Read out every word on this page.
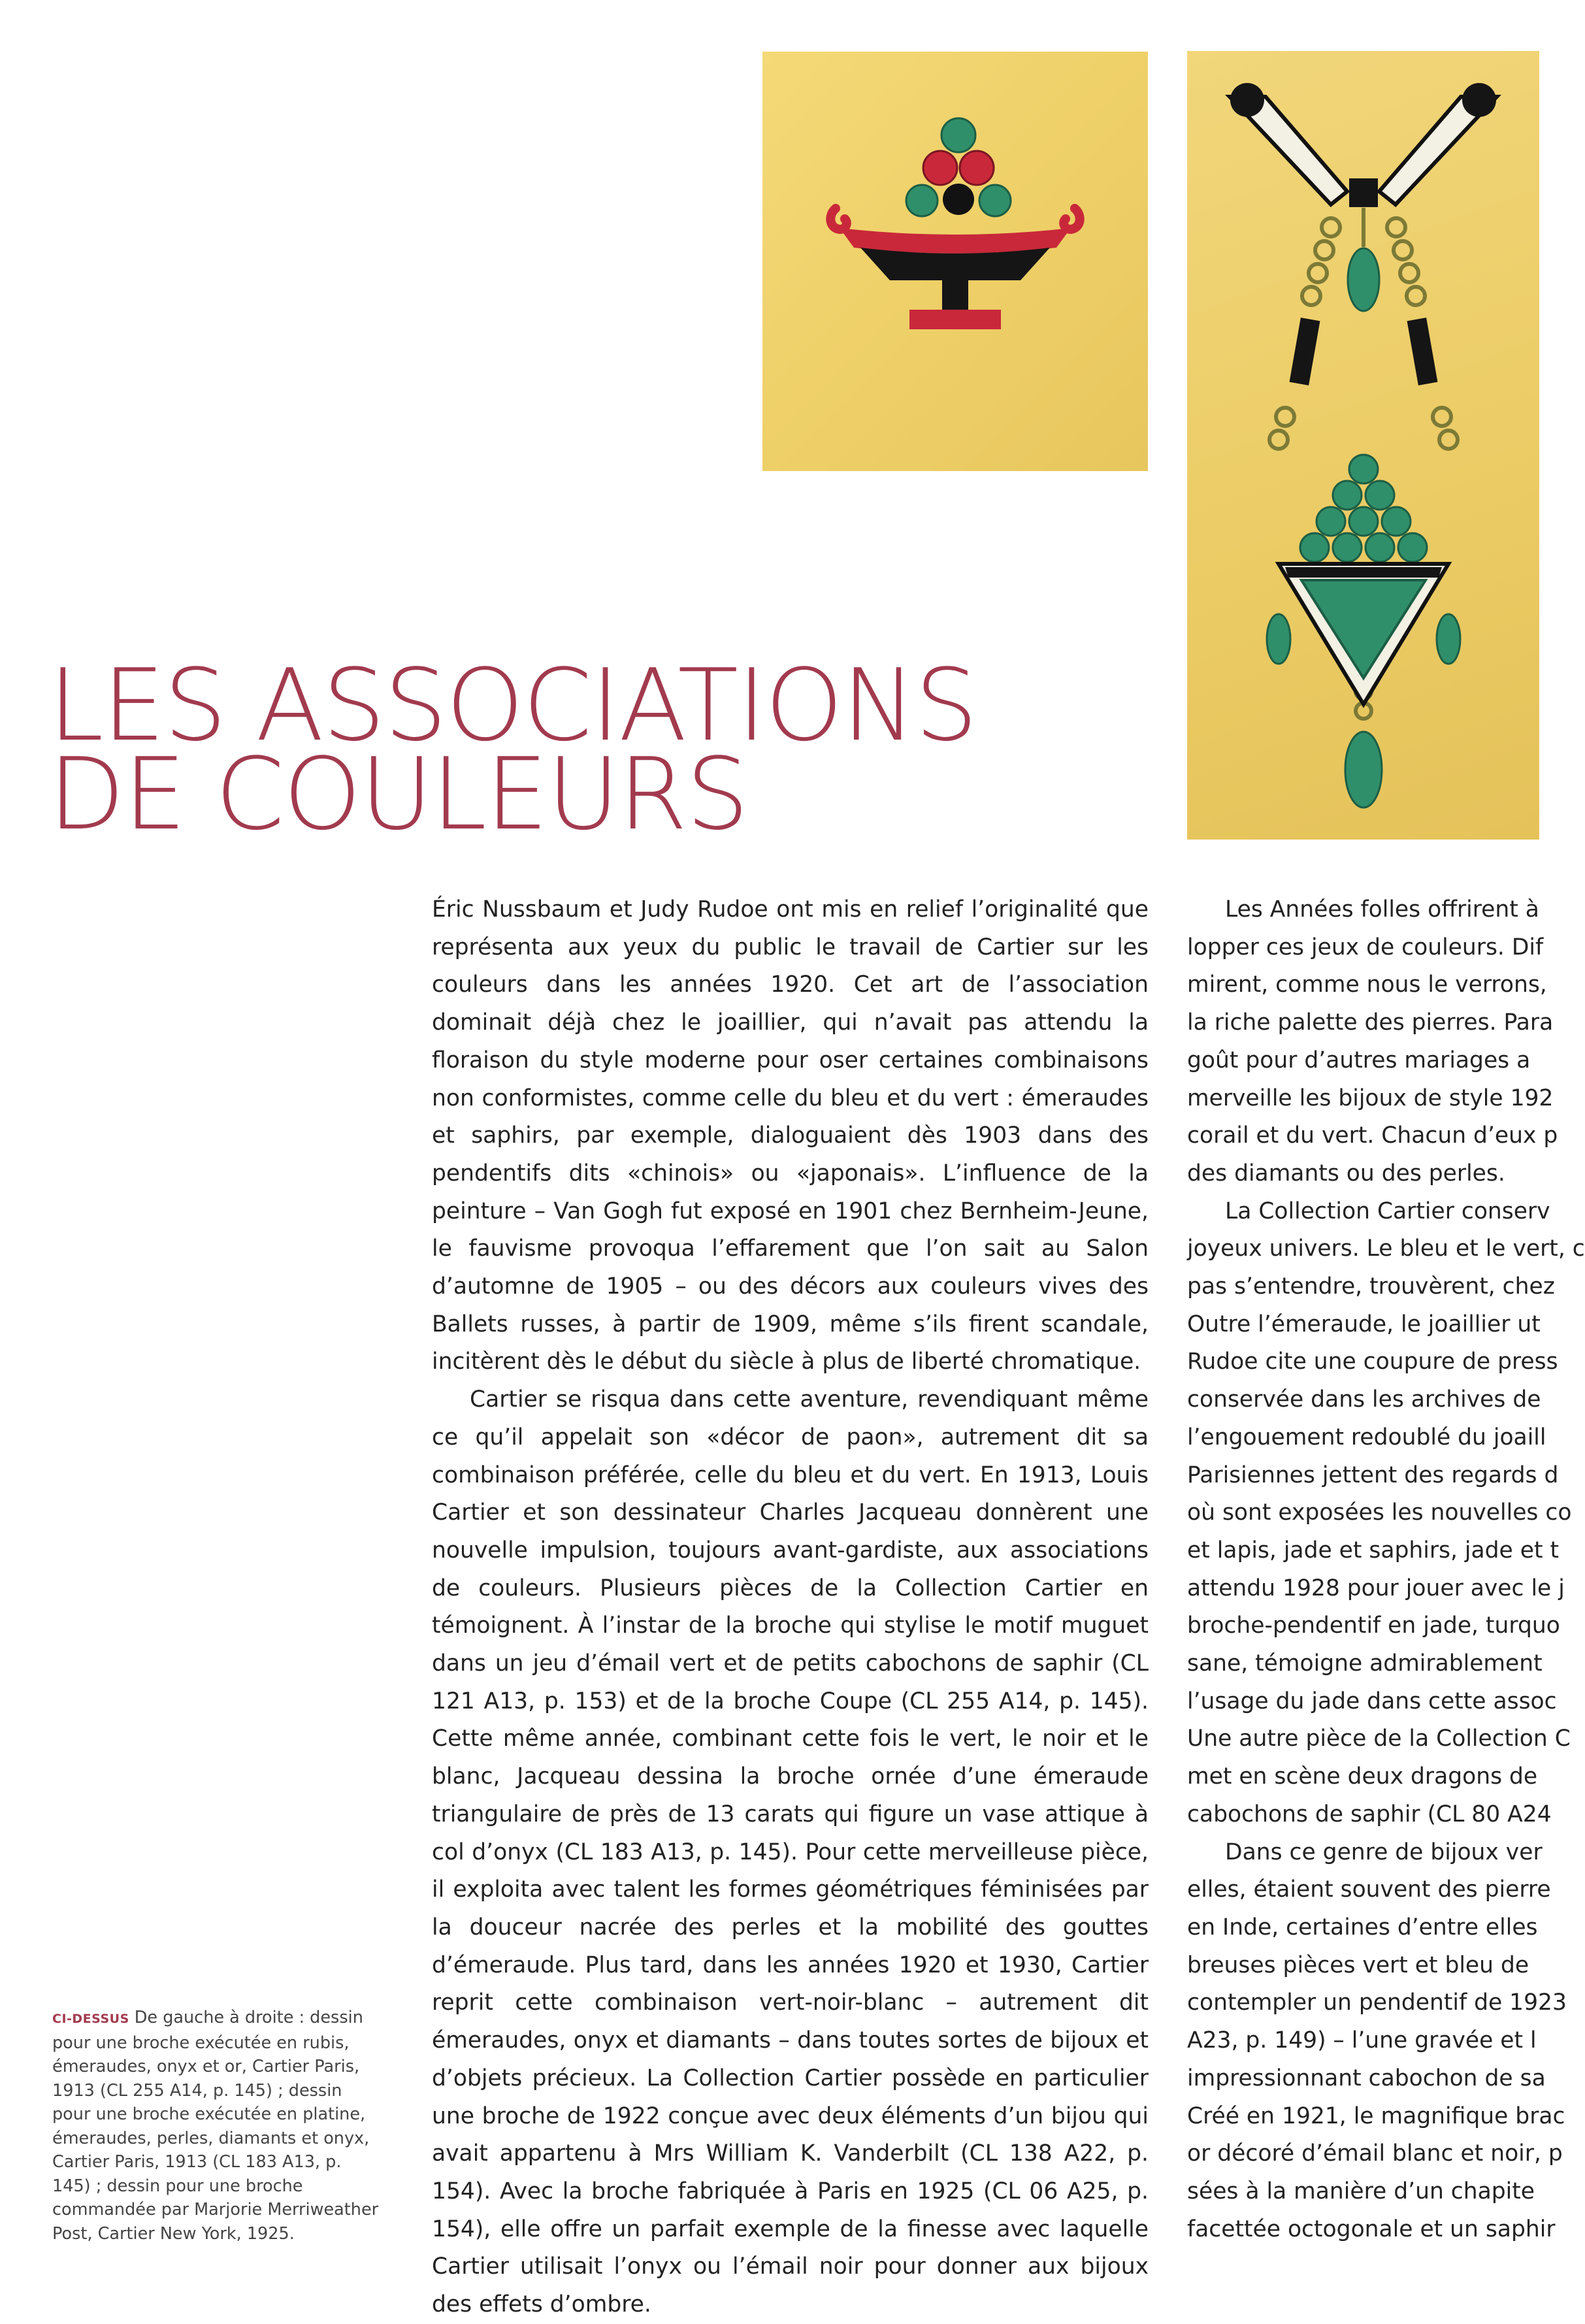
LES ASSOCIATIONS
DE COULEURS

Éric Nussbaum et Judy Rudoe ont mis en relief l’originalité que représenta aux yeux du public le travail de Cartier sur les couleurs dans les années 1920. Cet art de l’association dominait déjà chez le joaillier, qui n’avait pas attendu la floraison du style moderne pour oser certaines combinaisons non conformistes, comme celle du bleu et du vert : émeraudes et saphirs, par exemple, dialoguaient dès 1903 dans des pendentifs dits «chinois» ou «japonais». L’influence de la peinture – Van Gogh fut exposé en 1901 chez Bernheim-Jeune, le fauvisme provoqua l’effarement que l’on sait au Salon d’automne de 1905 – ou des décors aux couleurs vives des Ballets russes, à partir de 1909, même s’ils firent scandale, incitèrent dès le début du siècle à plus de liberté chromatique.

Cartier se risqua dans cette aventure, revendiquant même ce qu’il appelait son «décor de paon», autrement dit sa combinaison préférée, celle du bleu et du vert. En 1913, Louis Cartier et son dessinateur Charles Jacqueau donnèrent une nouvelle impulsion, toujours avant-gardiste, aux associations de couleurs. Plusieurs pièces de la Collection Cartier en témoignent. À l’instar de la broche qui stylise le motif muguet dans un jeu d’émail vert et de petits cabochons de saphir (CL 121 A13, p. 153) et de la broche Coupe (CL 255 A14, p. 145). Cette même année, combinant cette fois le vert, le noir et le blanc, Jacqueau dessina la broche ornée d’une émeraude triangulaire de près de 13 carats qui figure un vase attique à col d’onyx (CL 183 A13, p. 145). Pour cette merveilleuse pièce, il exploita avec talent les formes géométriques féminisées par la douceur nacrée des perles et la mobilité des gouttes d’émeraude. Plus tard, dans les années 1920 et 1930, Cartier reprit cette combinaison vert-noir-blanc – autrement dit émeraudes, onyx et diamants – dans toutes sortes de bijoux et d’objets précieux. La Collection Cartier possède en particulier une broche de 1922 conçue avec deux éléments d’un bijou qui avait appartenu à Mrs William K. Vanderbilt (CL 138 A22, p. 154). Avec la broche fabriquée à Paris en 1925 (CL 06 A25, p. 154), elle offre un parfait exemple de la finesse avec laquelle Cartier utilisait l’onyx ou l’émail noir pour donner aux bijoux des effets d’ombre.

Les Années folles offrirent à
lopper ces jeux de couleurs. Dif
mirent, comme nous le verrons,
la riche palette des pierres. Para
goût pour d’autres mariages a
merveille les bijoux de style 192
corail et du vert. Chacun d’eux p
des diamants ou des perles.
La Collection Cartier conserv
joyeux univers. Le bleu et le vert, c
pas s’entendre, trouvèrent, chez
Outre l’émeraude, le joaillier ut
Rudoe cite une coupure de press
conservée dans les archives de
l’engouement redoublé du joaill
Parisiennes jettent des regards d
où sont exposées les nouvelles co
et lapis, jade et saphirs, jade et t
attendu 1928 pour jouer avec le j
broche-pendentif en jade, turquo
sane, témoigne admirablement
l’usage du jade dans cette assoc
Une autre pièce de la Collection C
met en scène deux dragons de
cabochons de saphir (CL 80 A24
Dans ce genre de bijoux ver
elles, étaient souvent des pierre
en Inde, certaines d’entre elles
breuses pièces vert et bleu de
contempler un pendentif de 1923
A23, p. 149) – l’une gravée et l
impressionnant cabochon de sa
Créé en 1921, le magnifique brac
or décoré d’émail blanc et noir, p
sées à la manière d’un chapite
facettée octogonale et un saphir
CI-DESSUS De gauche à droite : dessin pour une broche exécutée en rubis, émeraudes, onyx et or, Cartier Paris, 1913 (CL 255 A14, p. 145) ; dessin pour une broche exécutée en platine, émeraudes, perles, diamants et onyx, Cartier Paris, 1913 (CL 183 A13, p. 145) ; dessin pour une broche commandée par Marjorie Merriweather Post, Cartier New York, 1925.
